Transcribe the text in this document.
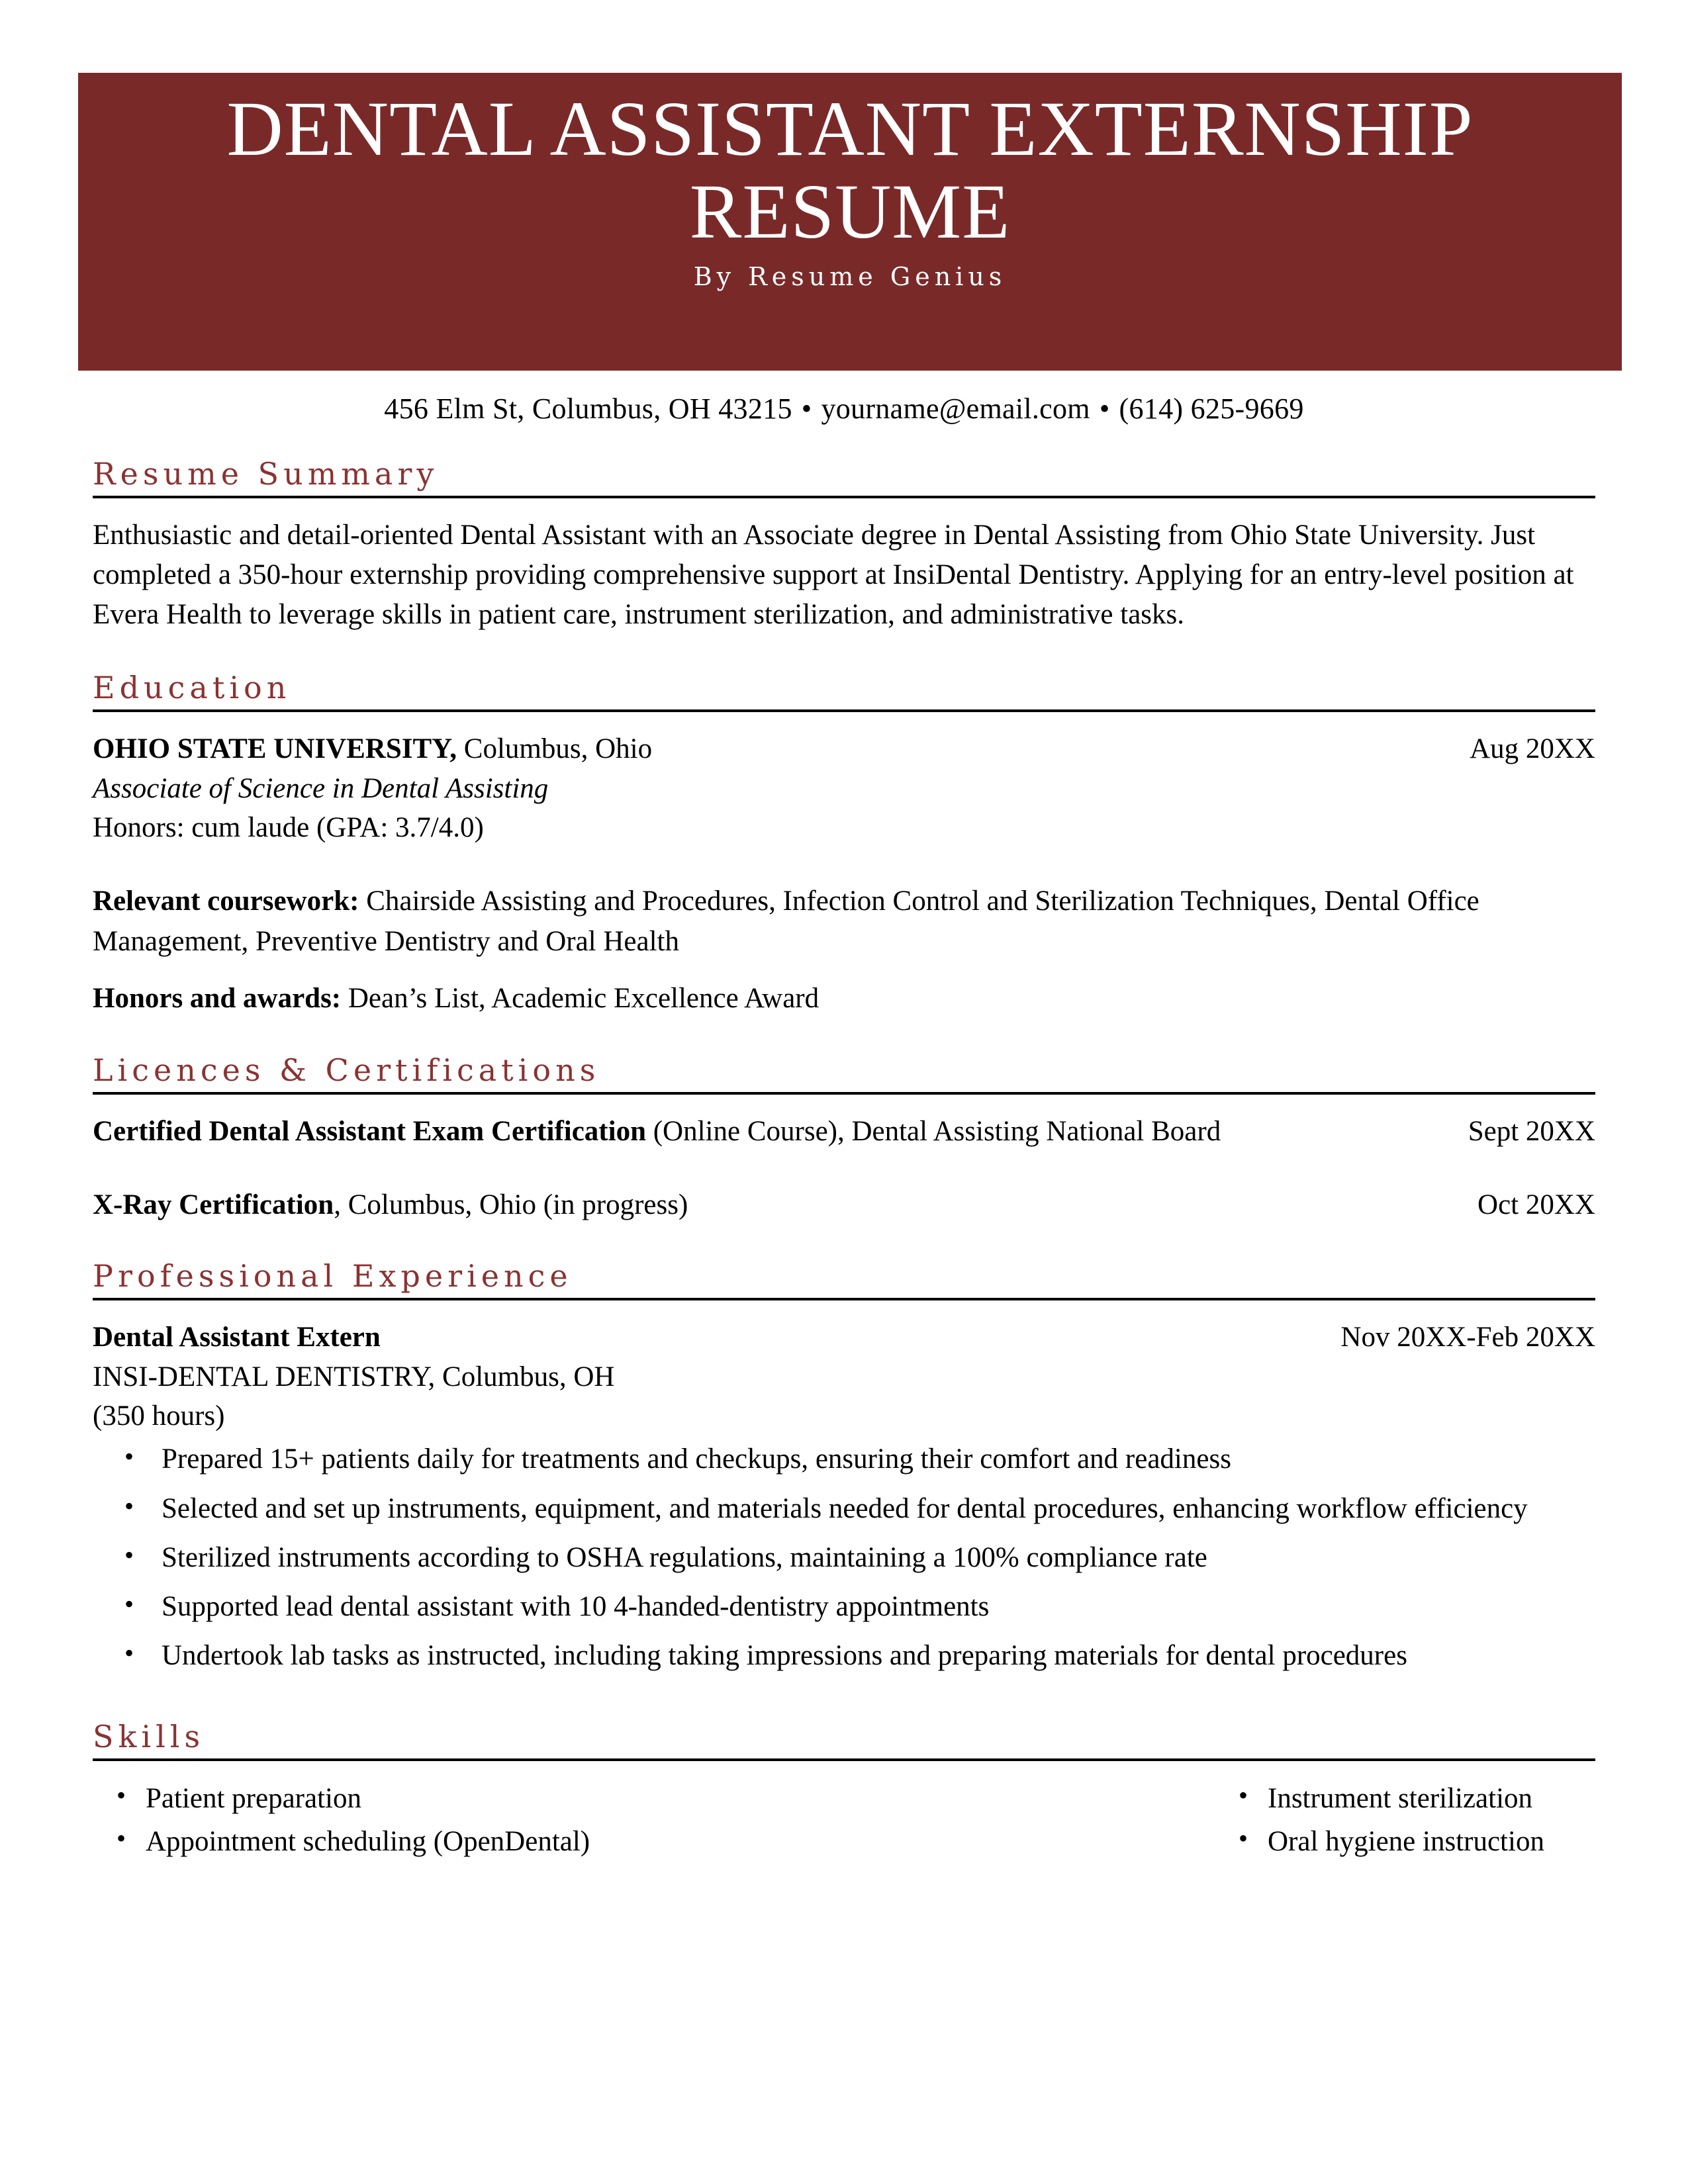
DENTAL ASSISTANT EXTERNSHIP RESUME
By Resume Genius
456 Elm St, Columbus, OH 43215 • yourname@email.com • (614) 625-9669
Resume Summary
Enthusiastic and detail-oriented Dental Assistant with an Associate degree in Dental Assisting from Ohio State University. Just completed a 350-hour externship providing comprehensive support at InsiDental Dentistry. Applying for an entry-level position at Evera Health to leverage skills in patient care, instrument sterilization, and administrative tasks.
Education
OHIO STATE UNIVERSITY, Columbus, Ohio	Aug 20XX
Associate of Science in Dental Assisting
Honors: cum laude (GPA: 3.7/4.0)
Relevant coursework: Chairside Assisting and Procedures, Infection Control and Sterilization Techniques, Dental Office Management, Preventive Dentistry and Oral Health
Honors and awards: Dean’s List, Academic Excellence Award
Licences & Certifications
Certified Dental Assistant Exam Certification (Online Course), Dental Assisting National Board	Sept 20XX
X-Ray Certification, Columbus, Ohio (in progress)	Oct 20XX
Professional Experience
Dental Assistant Extern	Nov 20XX-Feb 20XX
INSI-DENTAL DENTISTRY, Columbus, OH
(350 hours)
• Prepared 15+ patients daily for treatments and checkups, ensuring their comfort and readiness
• Selected and set up instruments, equipment, and materials needed for dental procedures, enhancing workflow efficiency
• Sterilized instruments according to OSHA regulations, maintaining a 100% compliance rate
• Supported lead dental assistant with 10 4-handed-dentistry appointments
• Undertook lab tasks as instructed, including taking impressions and preparing materials for dental procedures
Skills
• Patient preparation
• Appointment scheduling (OpenDental)
• Instrument sterilization
• Oral hygiene instruction
